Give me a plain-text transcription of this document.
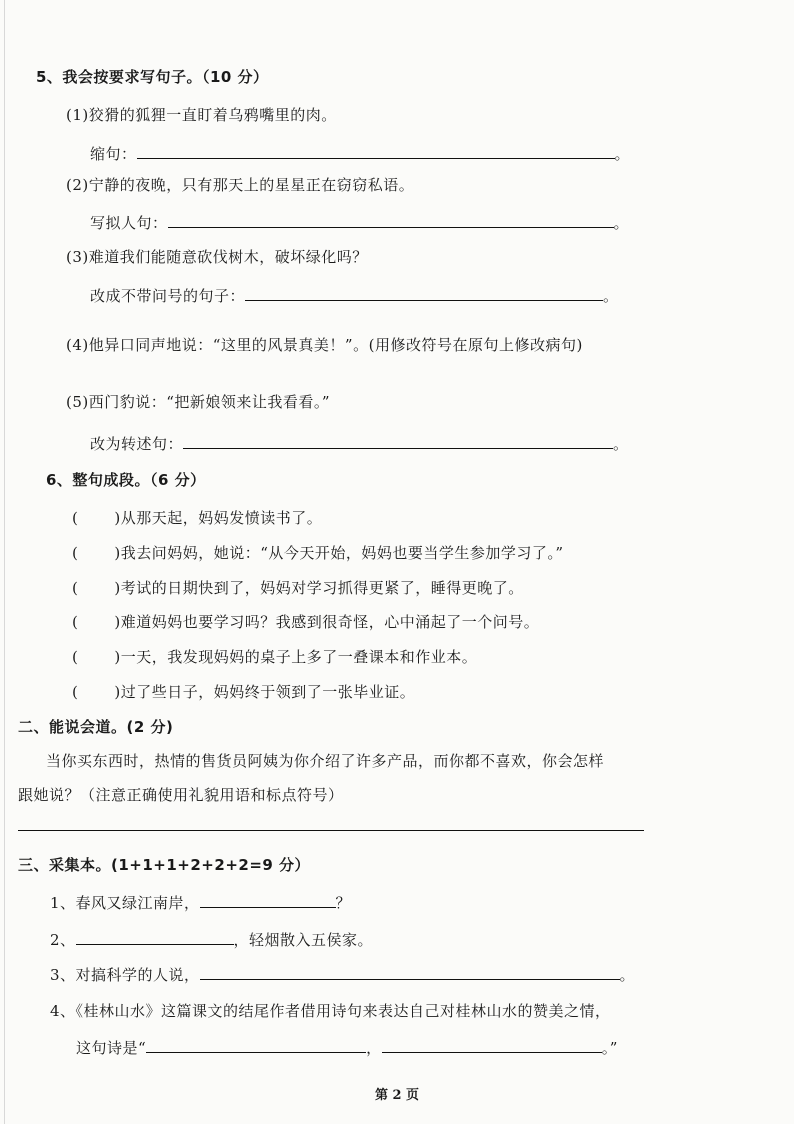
5、我会按要求写句子。（10 分）
(1)狡猾的狐狸一直盯着乌鸦嘴里的肉。
缩句：	。
(2)宁静的夜晚，只有那天上的星星正在窃窃私语。
写拟人句：	。
(3)难道我们能随意砍伐树木，破坏绿化吗？
改成不带问号的句子：	。
(4)他异口同声地说：“这里的风景真美！”。(用修改符号在原句上修改病句)
(5)西门豹说：“把新娘领来让我看看。”
改为转述句：	。
6、整句成段。（6 分）
( )从那天起，妈妈发愤读书了。
( )我去问妈妈，她说：“从今天开始，妈妈也要当学生参加学习了。”
( )考试的日期快到了，妈妈对学习抓得更紧了，睡得更晚了。
( )难道妈妈也要学习吗？我感到很奇怪，心中涌起了一个问号。
( )一天，我发现妈妈的桌子上多了一叠课本和作业本。
( )过了些日子，妈妈终于领到了一张毕业证。
二、能说会道。(2 分)
当你买东西时，热情的售货员阿姨为你介绍了许多产品，而你都不喜欢，你会怎样
跟她说？（注意正确使用礼貌用语和标点符号）
三、采集本。(1+1+1+2+2+2=9 分）
1、春风又绿江南岸，	？
2、	，轻烟散入五侯家。
3、对搞科学的人说，	。
4、《桂林山水》这篇课文的结尾作者借用诗句来表达自己对桂林山水的赞美之情，
这句诗是“	，	。”
第 2 页
